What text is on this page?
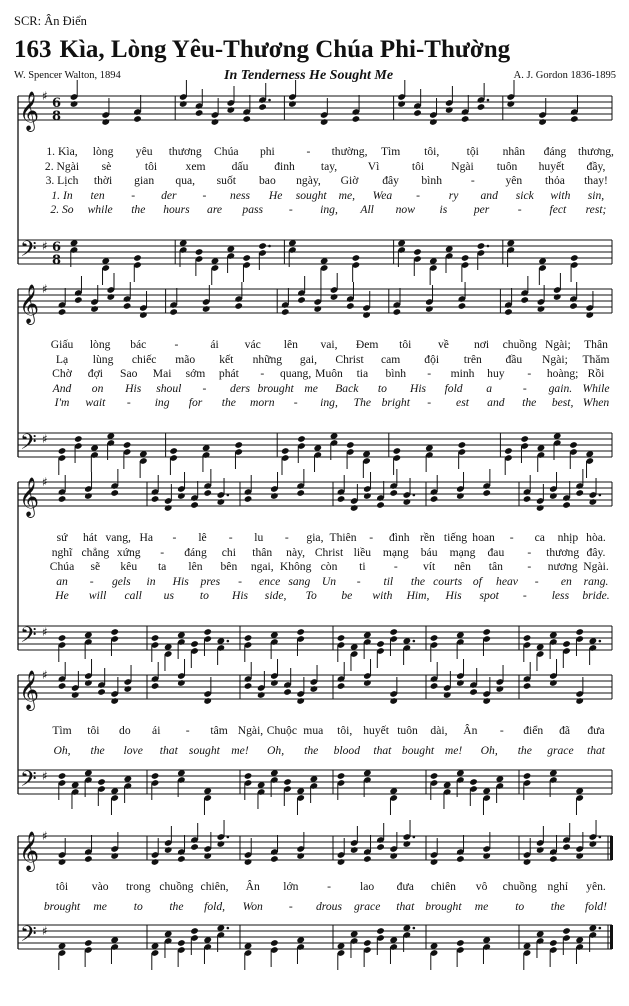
SCR: Ân Điển
163 Kìa, Lòng Yêu-Thương Chúa Phi-Thường
W. Spencer Walton, 1894	In Tenderness He Sought Me	A. J. Gordon 1836-1895
𝄞 ♯ 6
8
𝄢 ♯ 6
8
𝄞 ♯
𝄢 ♯
𝄞 ♯
𝄢 ♯
𝄞 ♯
𝄢 ♯
𝄞 ♯
𝄢 ♯
1. Kìa, lòng yêu thương Chúa phi	- thường, Tìm tôi, tội nhân đáng thương,
2. Ngài sè	tôi xem dấu đinh tay,	Vì	tôi Ngài tuôn huyết đầy,
3. Lịch thời gian qua, suốt bao ngày, Giờ đây bình -	yên thỏa thay!
1. In ten - der - ness He sought me, Wea - ry and sick with sin,
2. So while the hours are pass - ing, All now is per - fect rest;
Giấu lòng bác -	ái vác lên vai, Đem tôi về nơi chuồng Ngài; Thân
Lạ lùng chiếc mão kết những gai, Christ cam đội trên đầu Ngài; Thăm
Chờ đợi Sao Mai sớm phát - quang, Muôn tia bình - minh huy - hoàng; Rồi
And on His shoul - ders brought me Back to His fold a	- gain. While
I'm wait - ing for the morn - ing, The bright - est and the best, When
sứ hát vang, Ha - lê - lu - gia, Thiên - đình rền tiếng hoan - ca nhịp hòa.
nghĩ chẳng xứng - đáng chi thân này, Christ liều mạng báu mạng đau - thương đây.
Chúa sẽ kêu ta lên bên ngai, Không còn ti - vít nên tân - nương Ngài.
an - gels in His pres - ence sang Un - til the courts of heav - en rang.
He will call us to His side, To be with Him, His spot - less bride.
Tìm tôi do ái - tâm Ngài, Chuộc mua tôi, huyết tuôn dài, Ân - điển đã đưa
Oh, the love that sought me! Oh, the blood that bought me! Oh, the grace that
tôi vào trong chuồng chiên, Ân lớn -	lao đưa chiên vô chuồng nghỉ yên.
brought me to the fold, Won - drous grace that brought me to the fold!
